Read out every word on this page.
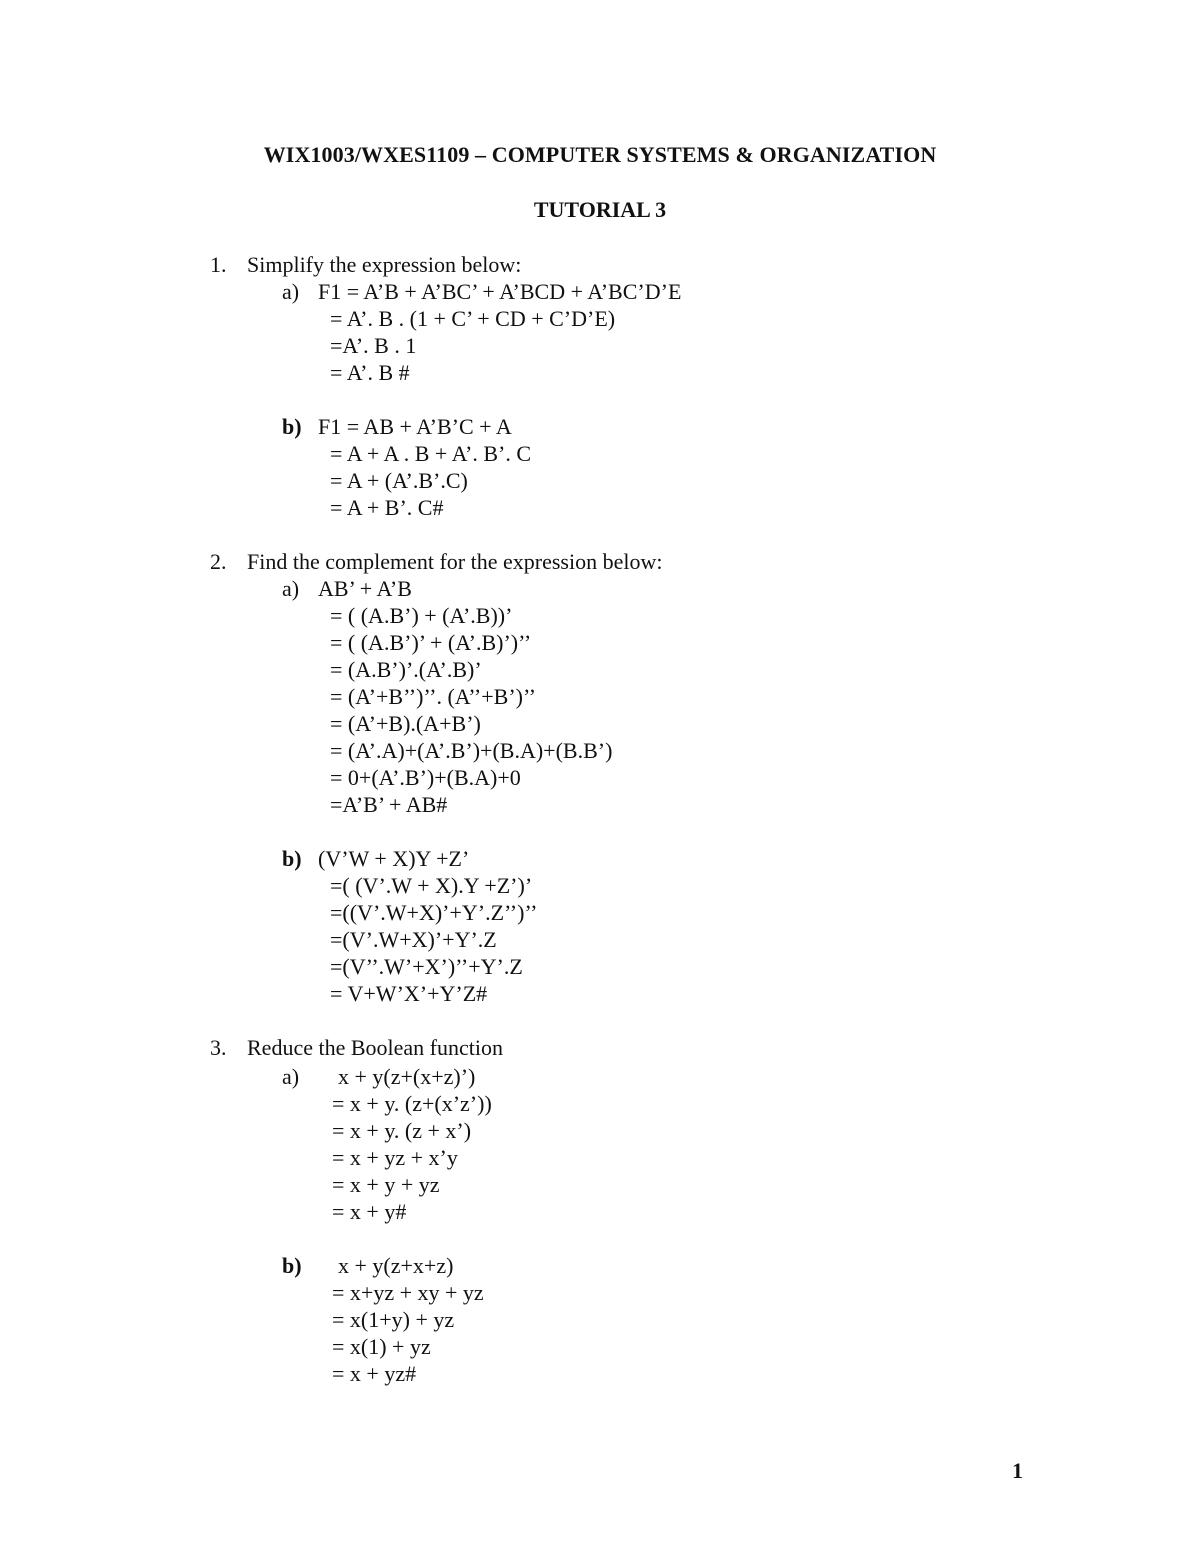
WIX1003/WXES1109 – COMPUTER SYSTEMS & ORGANIZATION
TUTORIAL 3
1. Simplify the expression below:
a) F1 = A’B + A’BC’ + A’BCD + A’BC’D’E
= A’. B . (1 + C’ + CD + C’D’E)
=A’. B . 1
= A’. B #
b) F1 = AB + A’B’C + A
= A + A . B + A’. B’. C
= A + (A’.B’.C)
= A + B’. C#
2. Find the complement for the expression below:
a) AB’ + A’B
= ( (A.B’) + (A’.B))’
= ( (A.B’)’ + (A’.B)’)’’
= (A.B’)’.(A’.B)’
= (A’+B’’)’’. (A’’+B’)’’
= (A’+B).(A+B’)
= (A’.A)+(A’.B’)+(B.A)+(B.B’)
= 0+(A’.B’)+(B.A)+0
=A’B’ + AB#
b) (V’W + X)Y +Z’
=( (V’.W + X).Y +Z’)’
=((V’.W+X)’+Y’.Z’’)’’
=(V’.W+X)’+Y’.Z
=(V’’.W’+X’)’’+Y’.Z
= V+W’X’+Y’Z#
3. Reduce the Boolean function
a) x + y(z+(x+z)’)
= x + y. (z+(x’z’))
= x + y. (z + x’)
= x + yz + x’y
= x + y + yz
= x + y#
b) x + y(z+x+z)
= x+yz + xy + yz
= x(1+y) + yz
= x(1) + yz
= x + yz#
1
